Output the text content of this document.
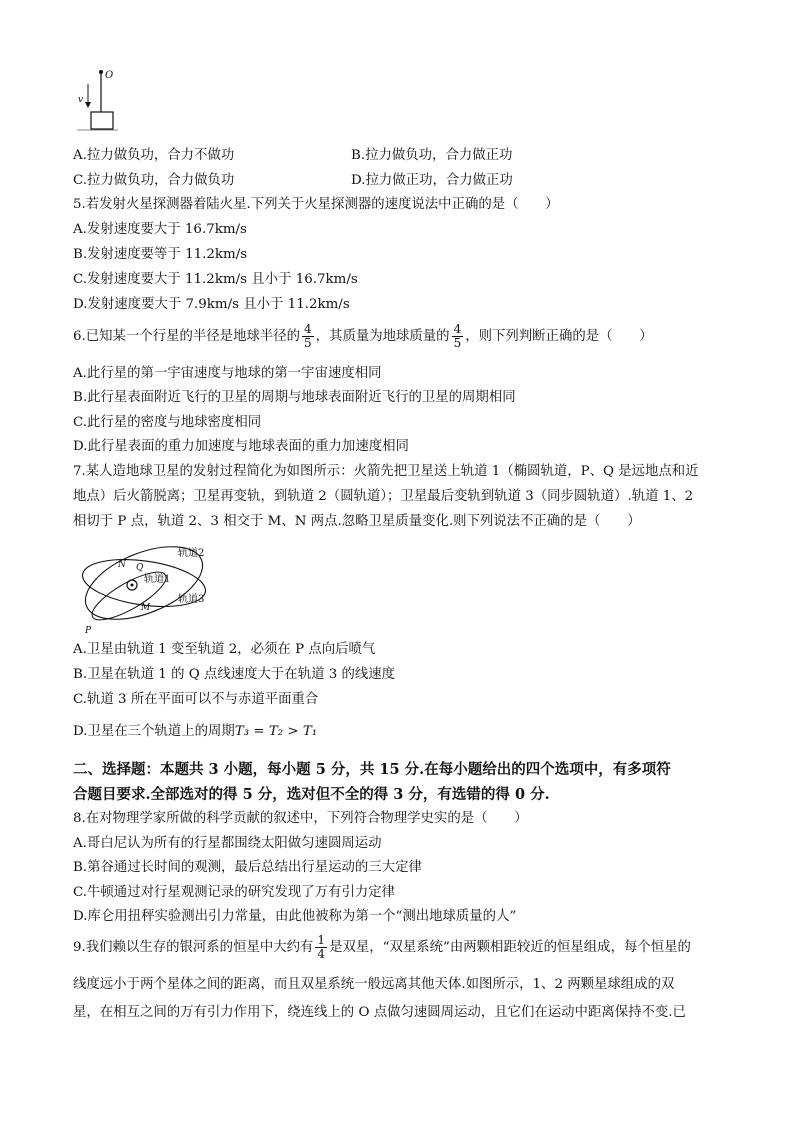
O
v
A.拉力做负功，合力不做功	B.拉力做负功，合力做正功
C.拉力做负功，合力做负功	D.拉力做正功，合力做正功
5.若发射火星探测器着陆火星.下列关于火星探测器的速度说法中正确的是（　　）
A.发射速度要大于 16.7km/s
B.发射速度要等于 11.2km/s
C.发射速度要大于 11.2km/s 且小于 16.7km/s
D.发射速度要大于 7.9km/s 且小于 11.2km/s
6.已知某一个行星的半径是地球半径的 $\frac{4}{5}$ ，其质量为地球质量的 $\frac{4}{5}$ ，则下列判断正确的是（　　）
A.此行星的第一宇宙速度与地球的第一宇宙速度相同
B.此行星表面附近飞行的卫星的周期与地球表面附近飞行的卫星的周期相同
C.此行星的密度与地球密度相同
D.此行星表面的重力加速度与地球表面的重力加速度相同
7.某人造地球卫星的发射过程简化为如图所示：火箭先把卫星送上轨道 1（椭圆轨道，P、Q 是远地点和近
地点）后火箭脱离；卫星再变轨，到轨道 2（圆轨道）；卫星最后变轨到轨道 3（同步圆轨道）.轨道 1、2
相切于 P 点，轨道 2、3 相交于 M、N 两点.忽略卫星质量变化.则下列说法不正确的是（　　）
轨道2
轨道1
轨道3
N Q
M
P
A.卫星由轨道 1 变至轨道 2，必须在 P 点向后喷气
B.卫星在轨道 1 的 Q 点线速度大于在轨道 3 的线速度
C.轨道 3 所在平面可以不与赤道平面重合
D.卫星在三个轨道上的周期T₃ = T₂ > T₁
二、选择题：本题共 3 小题，每小题 5 分，共 15 分.在每小题给出的四个选项中，有多项符
合题目要求.全部选对的得 5 分，选对但不全的得 3 分，有选错的得 0 分.
8.在对物理学家所做的科学贡献的叙述中，下列符合物理学史实的是（　　）
A.哥白尼认为所有的行星都围绕太阳做匀速圆周运动
B.第谷通过长时间的观测，最后总结出行星运动的三大定律
C.牛顿通过对行星观测记录的研究发现了万有引力定律
D.库仑用扭秤实验测出引力常量，由此他被称为第一个“测出地球质量的人”
9.我们赖以生存的银河系的恒星中大约有 $\frac{1}{4}$ 是双星，“双星系统”由两颗相距较近的恒星组成，每个恒星的
线度远小于两个星体之间的距离，而且双星系统一般远离其他天体.如图所示，1、2 两颗星球组成的双
星，在相互之间的万有引力作用下，绕连线上的 O 点做匀速圆周运动，且它们在运动中距离保持不变.已
